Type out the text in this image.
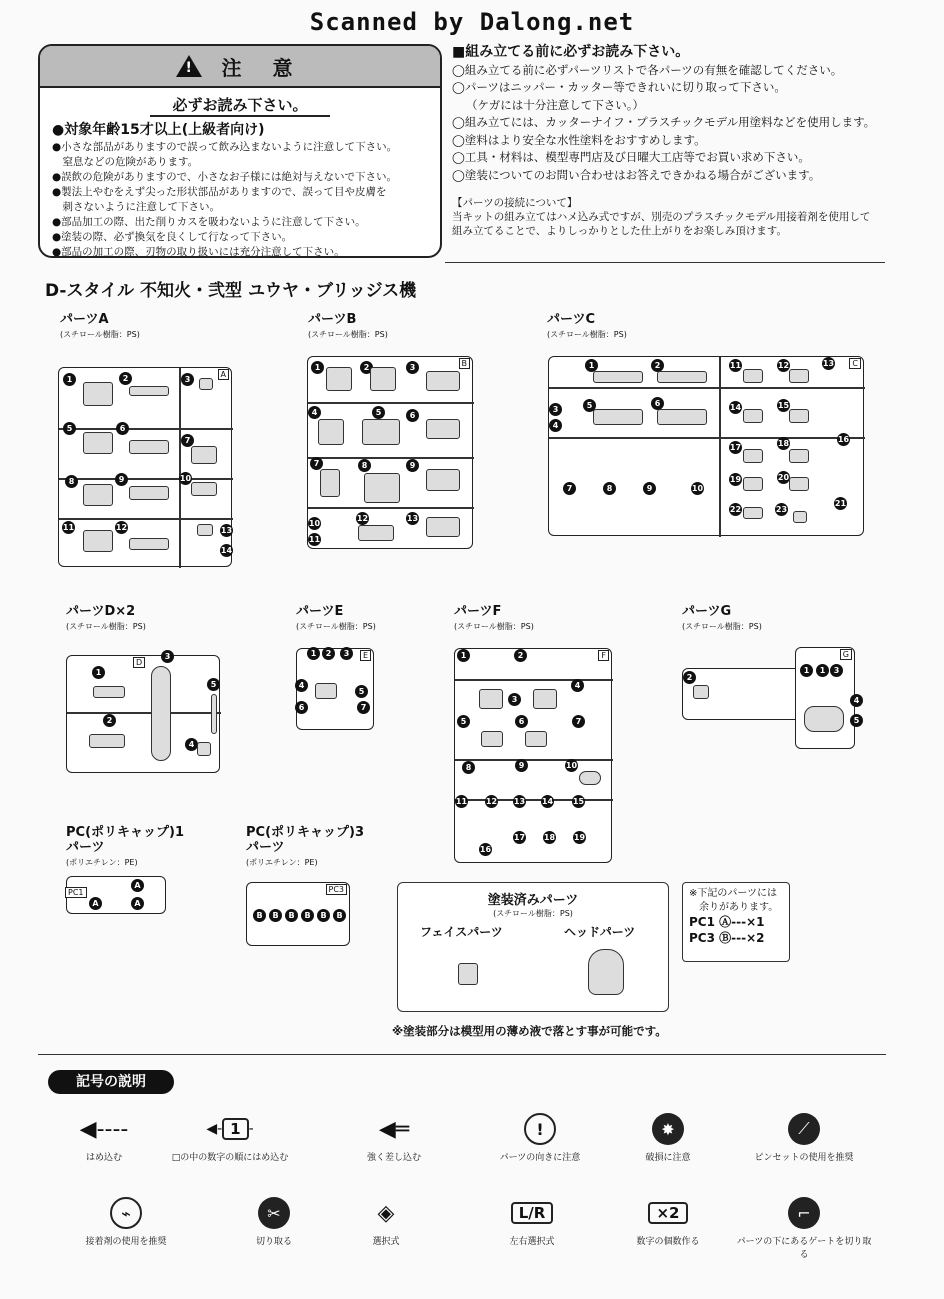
Scanned by Dalong.net
! 注 意
必ずお読み下さい。
●対象年齢15才以上(上級者向け)
●小さな部品がありますので誤って飲み込まないように注意して下さい。
　窒息などの危険があります。
●誤飲の危険がありますので、小さなお子様には絶対与えないで下さい。
●製法上やむをえず尖った形状部品がありますので、誤って目や皮膚を
　刺さないように注意して下さい。
●部品加工の際、出た削りカスを吸わないように注意して下さい。
●塗装の際、必ず換気を良くして行なって下さい。
●部品の加工の際、刃物の取り扱いには充分注意して下さい。
■組み立てる前に必ずお読み下さい。
◯組み立てる前に必ずパーツリストで各パーツの有無を確認してください。
◯パーツはニッパー・カッター等できれいに切り取って下さい。
（ケガには十分注意して下さい。）
◯組み立てには、カッターナイフ・プラスチックモデル用塗料などを使用します。
◯塗料はより安全な水性塗料をおすすめします。
◯工具・材料は、模型専門店及び日曜大工店等でお買い求め下さい。
◯塗装についてのお問い合わせはお答えできかねる場合がございます。
【パーツの接続について】
当キットの組み立てはハメ込み式ですが、別売のプラスチックモデル用接着剤を使用して
組み立てることで、よりしっかりとした仕上がりをお楽しみ頂けます。
D-スタイル 不知火・弐型 ユウヤ・ブリッジス機
パーツA
(スチロール樹脂：PS)
パーツB
(スチロール樹脂：PS)
パーツC
(スチロール樹脂：PS)
パーツD×2
(スチロール樹脂：PS)
パーツE
(スチロール樹脂：PS)
パーツF
(スチロール樹脂：PS)
パーツG
(スチロール樹脂：PS)
PC(ポリキャップ)1
パーツ
(ポリエチレン：PE)
PC(ポリキャップ)3
パーツ
(ポリエチレン：PE)
A
1	2	3
5	6
7
8	9	10
11	12	13
14
B
1	2	3
4	5	6
7	8	9
10
11
12	13
C
1	2
3
4
5	6
7	8	9	10
11	12	13
14	15
16
17	18
19	20
21
22	23
D
1
2
3
4
5
E
1	2	3
4
5
6	7
F
1	2
3
4
5	6	7
8	9	10
11 12 13 14 15
16
17 18 19
2
G
1	1	3
4
5
PC1
A
A
A
PC3
B	B	B	B	B	B
塗装済みパーツ
(スチロール樹脂：PS)
フェイスパーツ	ヘッドパーツ
※下記のパーツには
余りがあります。
PC1 Ⓐ---×1
PC3 Ⓑ---×2
※塗装部分は模型用の薄め液で落とす事が可能です。
記号の説明
◀----
はめ込む
◀- 1 -
□の中の数字の順にはめ込む
◀═
強く差し込む
!
パーツの向きに注意
✸
破損に注意
⟋
ピンセットの使用を推奨
⌁
接着剤の使用を推奨
✂
切り取る
◈
選択式
L/R
左右選択式
×2
数字の個数作る
⌐
パーツの下にあるゲートを切り取る
